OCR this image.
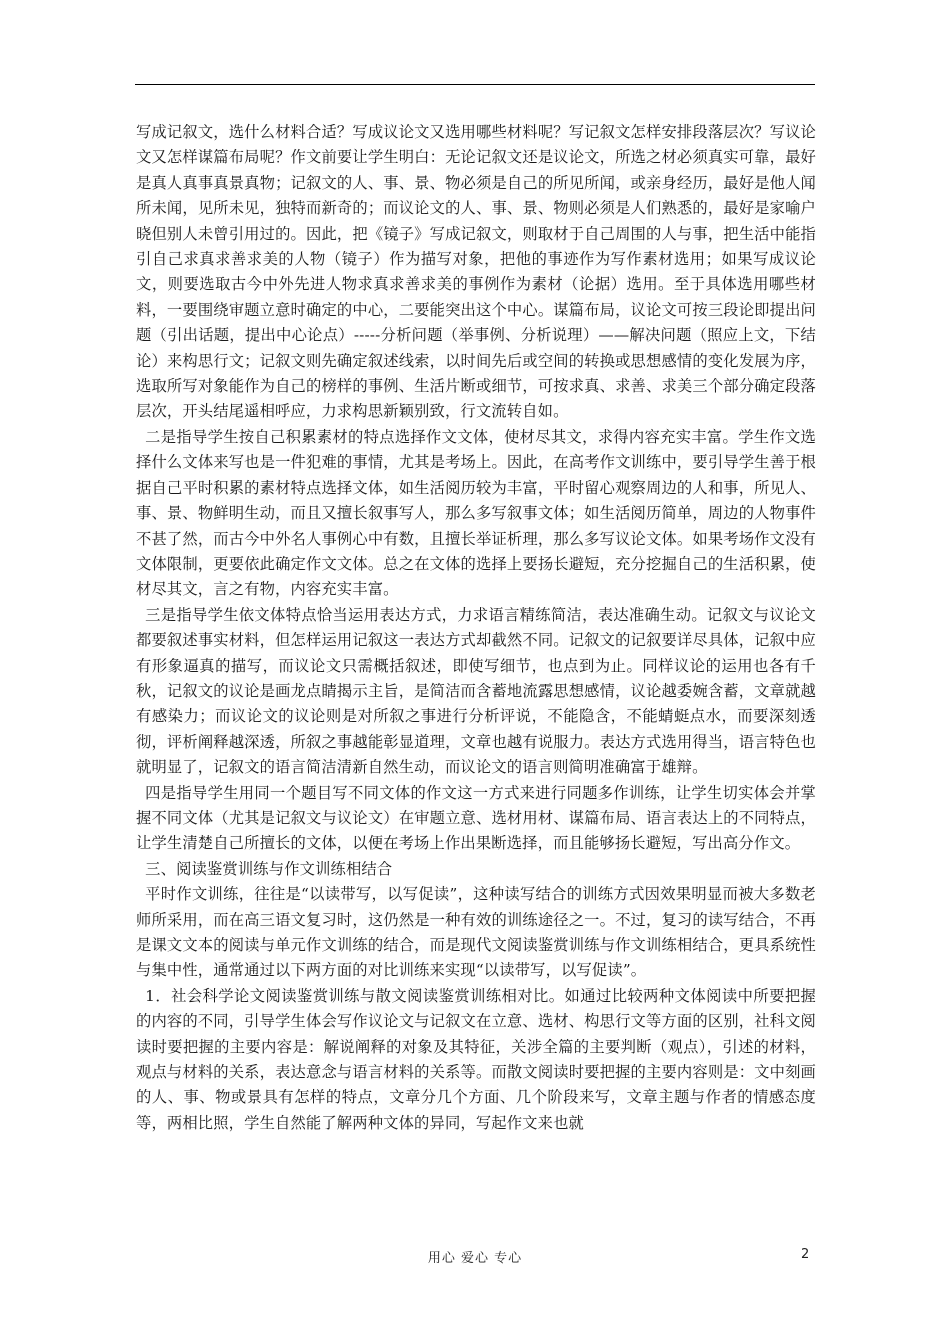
写成记叙文，选什么材料合适？写成议论文又选用哪些材料呢？写记叙文怎样安排段落层次？写议论文又怎样谋篇布局呢？作文前要让学生明白：无论记叙文还是议论文，所选之材必须真实可靠，最好是真人真事真景真物；记叙文的人、事、景、物必须是自己的所见所闻，或亲身经历，最好是他人闻所未闻，见所未见，独特而新奇的；而议论文的人、事、景、物则必须是人们熟悉的，最好是家喻户晓但别人未曾引用过的。因此，把《镜子》写成记叙文，则取材于自己周围的人与事，把生活中能指引自己求真求善求美的人物（镜子）作为描写对象，把他的事迹作为写作素材选用；如果写成议论文，则要选取古今中外先进人物求真求善求美的事例作为素材（论据）选用。至于具体选用哪些材料，一要围绕审题立意时确定的中心，二要能突出这个中心。谋篇布局，议论文可按三段论即提出问题（引出话题，提出中心论点）-----分析问题（举事例、分析说理）——解决问题（照应上文，下结论）来构思行文；记叙文则先确定叙述线索，以时间先后或空间的转换或思想感情的变化发展为序，选取所写对象能作为自己的榜样的事例、生活片断或细节，可按求真、求善、求美三个部分确定段落层次，开头结尾遥相呼应，力求构思新颖别致，行文流转自如。

二是指导学生按自己积累素材的特点选择作文文体，使材尽其文，求得内容充实丰富。学生作文选择什么文体来写也是一件犯难的事情，尤其是考场上。因此，在高考作文训练中，要引导学生善于根据自己平时积累的素材特点选择文体，如生活阅历较为丰富，平时留心观察周边的人和事，所见人、事、景、物鲜明生动，而且又擅长叙事写人，那么多写叙事文体；如生活阅历简单，周边的人物事件不甚了然，而古今中外名人事例心中有数，且擅长举证析理，那么多写议论文体。如果考场作文没有文体限制，更要依此确定作文文体。总之在文体的选择上要扬长避短，充分挖掘自己的生活积累，使材尽其文，言之有物，内容充实丰富。

三是指导学生依文体特点恰当运用表达方式，力求语言精练简洁，表达准确生动。记叙文与议论文都要叙述事实材料，但怎样运用记叙这一表达方式却截然不同。记叙文的记叙要详尽具体，记叙中应有形象逼真的描写，而议论文只需概括叙述，即使写细节，也点到为止。同样议论的运用也各有千秋，记叙文的议论是画龙点睛揭示主旨，是简洁而含蓄地流露思想感情，议论越委婉含蓄，文章就越有感染力；而议论文的议论则是对所叙之事进行分析评说，不能隐含，不能蜻蜓点水，而要深刻透彻，评析阐释越深透，所叙之事越能彰显道理，文章也越有说服力。表达方式选用得当，语言特色也就明显了，记叙文的语言简洁清新自然生动，而议论文的语言则简明准确富于雄辩。

四是指导学生用同一个题目写不同文体的作文这一方式来进行同题多作训练，让学生切实体会并掌握不同文体（尤其是记叙文与议论文）在审题立意、选材用材、谋篇布局、语言表达上的不同特点，让学生清楚自己所擅长的文体，以便在考场上作出果断选择，而且能够扬长避短，写出高分作文。

三、阅读鉴赏训练与作文训练相结合

平时作文训练，往往是“以读带写，以写促读”，这种读写结合的训练方式因效果明显而被大多数老师所采用，而在高三语文复习时，这仍然是一种有效的训练途径之一。不过，复习的读写结合，不再是课文文本的阅读与单元作文训练的结合，而是现代文阅读鉴赏训练与作文训练相结合，更具系统性与集中性，通常通过以下两方面的对比训练来实现“以读带写，以写促读”。

1．社会科学论文阅读鉴赏训练与散文阅读鉴赏训练相对比。如通过比较两种文体阅读中所要把握的内容的不同，引导学生体会写作议论文与记叙文在立意、选材、构思行文等方面的区别，社科文阅读时要把握的主要内容是：解说阐释的对象及其特征，关涉全篇的主要判断（观点），引述的材料，观点与材料的关系，表达意念与语言材料的关系等。而散文阅读时要把握的主要内容则是：文中刻画的人、事、物或景具有怎样的特点，文章分几个方面、几个阶段来写，文章主题与作者的情感态度等，两相比照，学生自然能了解两种文体的异同，写起作文来也就

用心 爱心 专心	2
